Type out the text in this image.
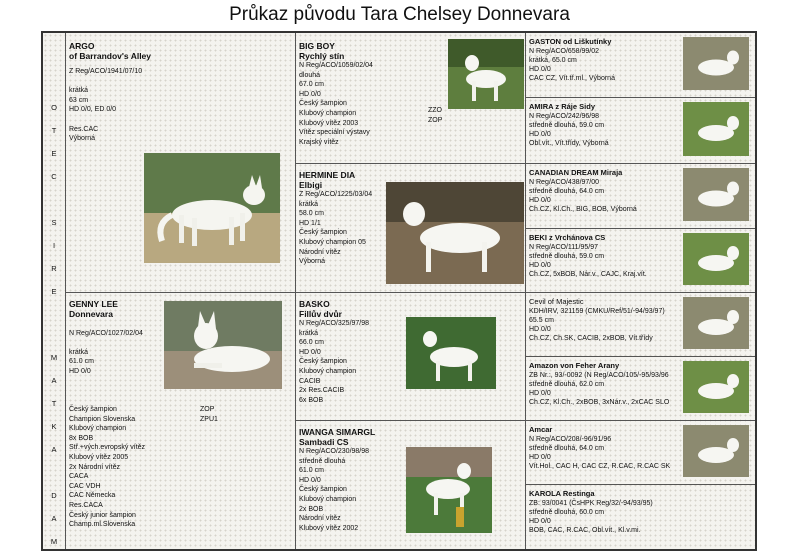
Průkaz původu Tara Chelsey Donnevara
O
T
E
C

S
I
R
E
M
A
T
K
A

D
A
M
ARGO
of Barrandov's Alley
Z Reg/ACO/1941/07/10

krátká
63 cm
HD 0/0, ED 0/0

Res.CAC
Výborná
GENNY LEE
Donnevara

N Reg/ACO/1027/02/04

krátká
61.0 cm
HD 0/0
Český šampion
Champion Slovenska
Klubový champion
8x BOB
Stř.+vých.evropský vítěz
Klubový vítěz 2005
2x Národní vítěz
CACA
CAC VDH
CAC Německa
Res.CACA
Český junior šampion
Champ.ml.Slovenska
ZOP
ZPU1
BIG BOY
Rychlý stín
N Reg/ACO/1059/02/04
dlouhá
67.0 cm
HD 0/0
Český šampion
Klubový champion
Klubový vítěz 2003
Vítěz speciální výstavy
Krajský vítěz
ZZO
ZOP
HERMINE DIA
Elbigi
Z Reg/ACO/1225/03/04
krátká
58.0 cm
HD 1/1
Český šampion
Klubový champion 05
Národní vítěz
Výborná
BASKO
Fillův dvůr
N Reg/ACO/325/97/98
krátká
66.0 cm
HD 0/0
Český šampion
Klubový champion
CACIB
2x Res.CACIB
6x BOB
IWANGA SIMARGL
Sambadi CS
N Reg/ACO/230/98/98
středně dlouhá
61.0 cm
HD 0/0
Český šampion
Klubový champion
2x BOB
Národní vítěz
Klubový vítěz 2002
GASTON od Liškutínky
N Reg/ACO/658/99/02
krátká, 65.0 cm
HD 0/0
CAC CZ, Vít.tř.ml., Výborná
AMIRA z Ráje Sidy
N Reg/ACO/242/96/98
středně dlouhá, 59.0 cm
HD 0/0
Obl.vít., Vít.třídy, Výborná
CANADIAN DREAM Miraja
N Reg/ACO/438/97/00
středně dlouhá, 64.0 cm
HD 0/0
Ch.CZ, Kl.Ch., BIG, BOB, Výborná
BEKI z Vrchánova CS
N Reg/ACO/111/95/97
středně dlouhá, 59.0 cm
HD 0/0
Ch.CZ, 5xBOB, Nár.v., CAJC, Kraj.vít.
Cevil of Majestic
KDH/IRV, 321159 (CMKU/Ref/51/-94/93/97)
65.5 cm
HD 0/0
Ch.CZ, Ch.SK, CACIB, 2xBOB, Vít.třídy
Amazon von Feher Arany
ZB Nr.:, 93/-0092 (N Reg/ACO/105/-95/93/96
středně dlouhá, 62.0 cm
HD 0/0
Ch.CZ, Kl.Ch., 2xBOB, 3xNár.v., 2xCAC SLO
Amcar
N Reg/ACO/208/-96/91/96
středně dlouhá, 64.0 cm
HD 0/0
Vít.Hol., CAC H, CAC CZ, R.CAC, R.CAC SK
KAROLA Restinga
ZB: 93/0041 (ČsHPK Reg/32/-94/93/95)
středně dlouhá, 60.0 cm
HD 0/0
BOB, CAC, R.CAC, Obl.vít., Kl.v.mi.
